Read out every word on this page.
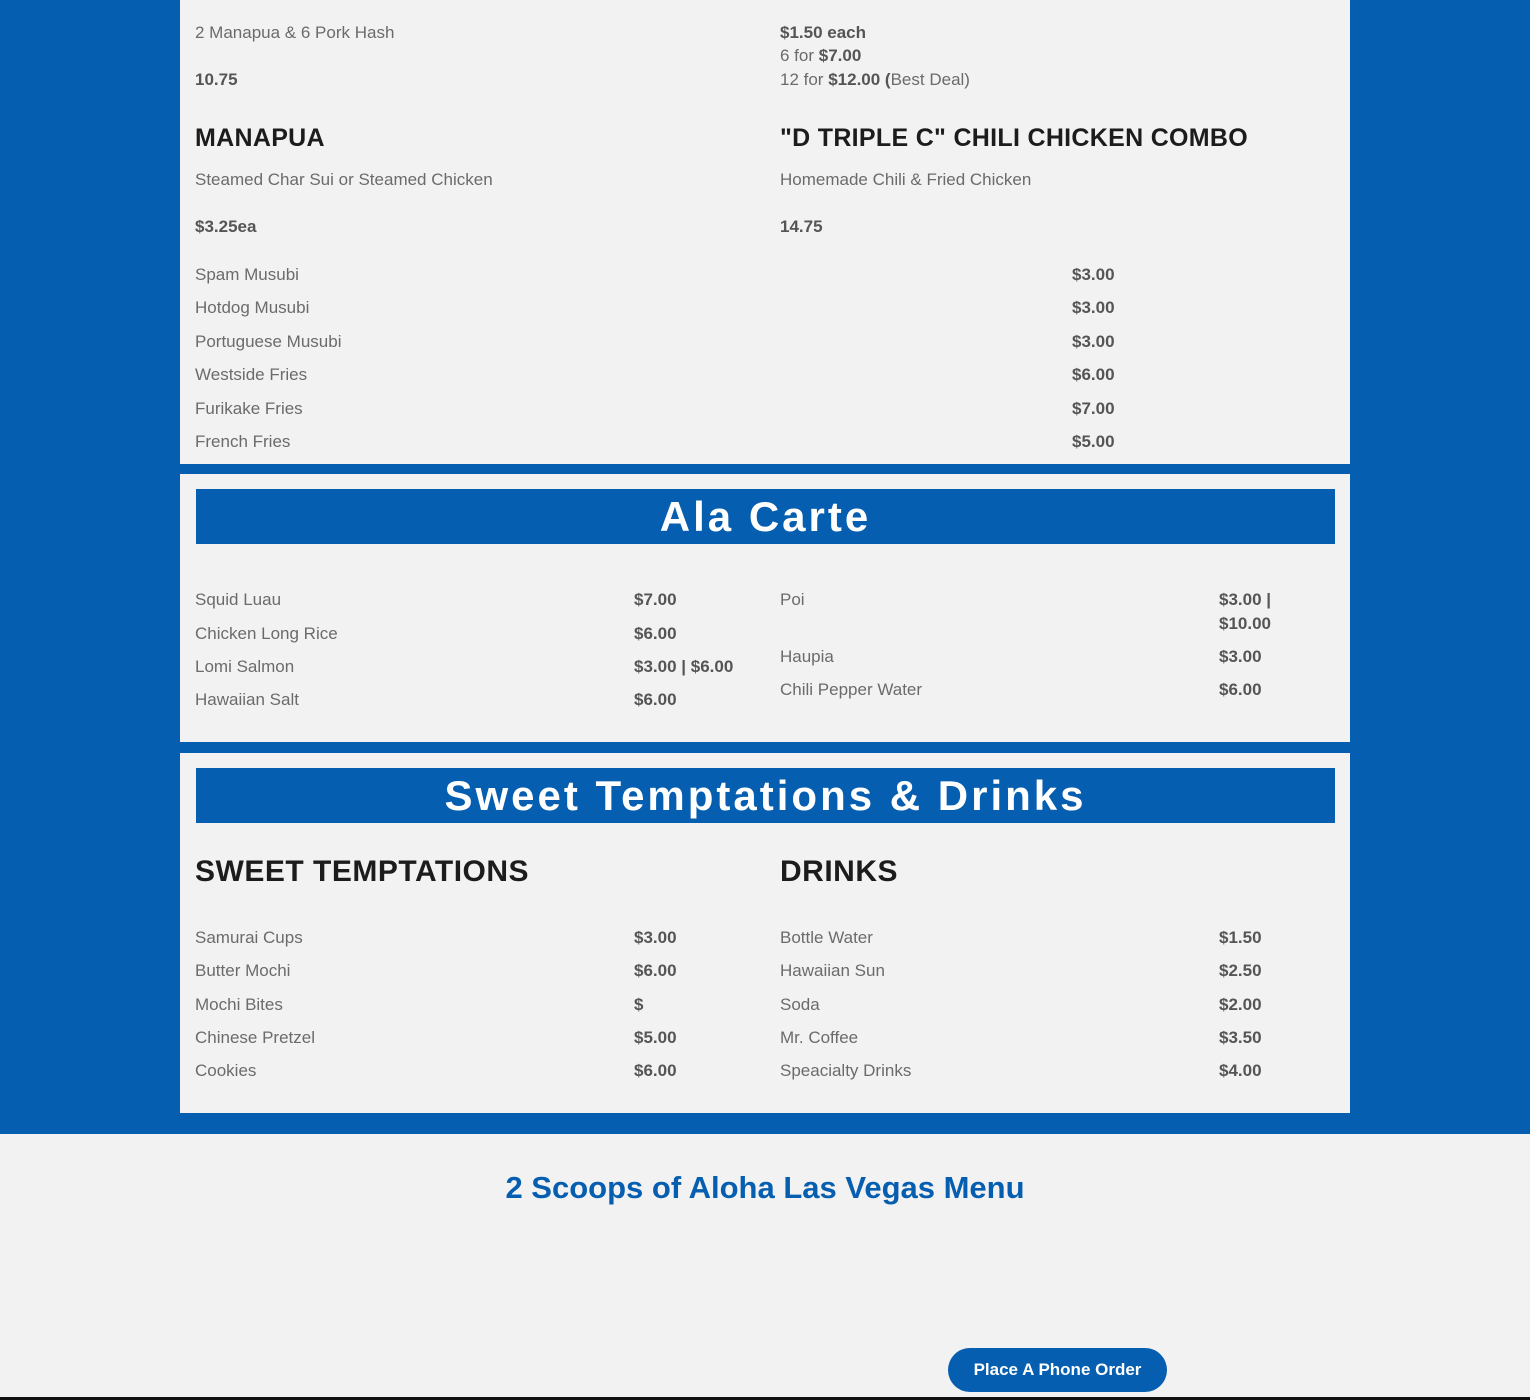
2 Manapua & 6 Pork Hash
10.75
$1.50 each
6 for $7.00
12 for $12.00 (Best Deal)
MANAPUA
Steamed Char Sui or Steamed Chicken
$3.25ea
"D TRIPLE C" CHILI CHICKEN COMBO
Homemade Chili & Fried Chicken
14.75
Spam Musubi	$3.00
Hotdog Musubi	$3.00
Portuguese Musubi	$3.00
Westside Fries	$6.00
Furikake Fries	$7.00
French Fries	$5.00
Ala Carte
Squid Luau	$7.00
Chicken Long Rice	$6.00
Lomi Salmon	$3.00 | $6.00
Hawaiian Salt	$6.00
Poi	$3.00 |
$10.00
Haupia	$3.00
Chili Pepper Water	$6.00
Sweet Temptations & Drinks
SWEET TEMPTATIONS	DRINKS
Samurai Cups	$3.00
Butter Mochi	$6.00
Mochi Bites	$
Chinese Pretzel	$5.00
Cookies	$6.00
Bottle Water	$1.50
Hawaiian Sun	$2.50
Soda	$2.00
Mr. Coffee	$3.50
Speacialty Drinks	$4.00
2 Scoops of Aloha Las Vegas Menu
Place A Phone Order
